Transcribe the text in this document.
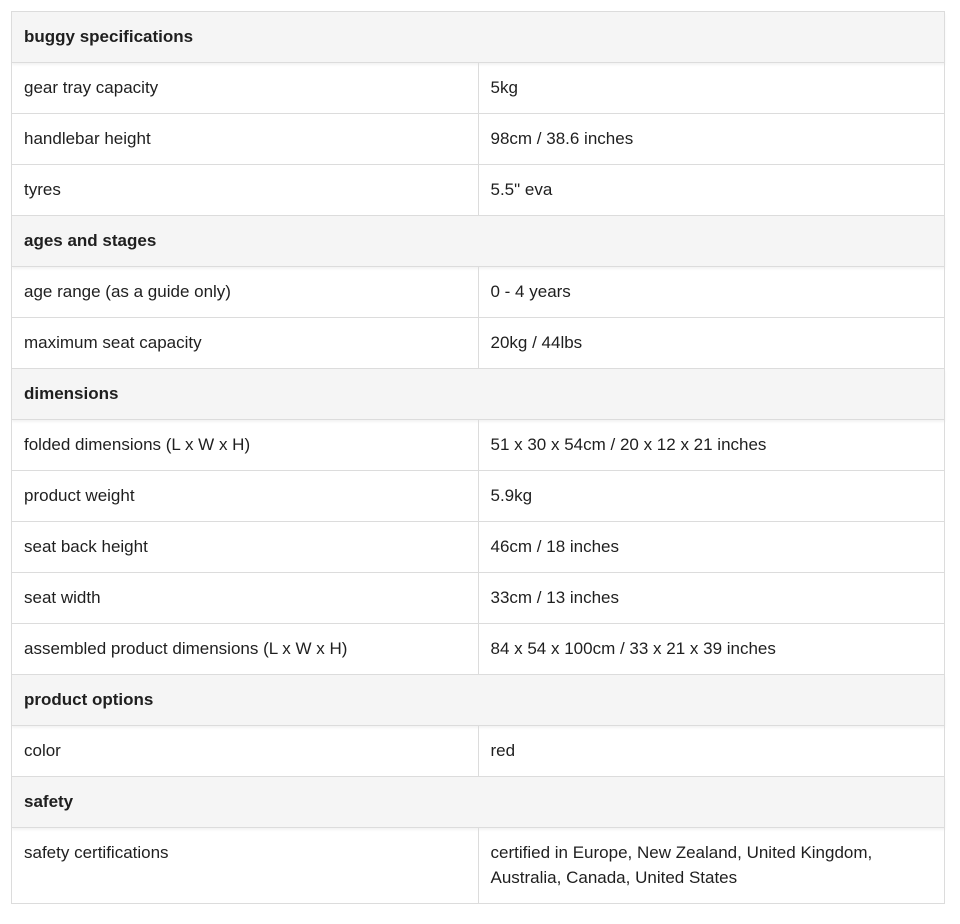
buggy specifications	
gear tray capacity	5kg
handlebar height	98cm / 38.6 inches
tyres	5.5" eva
ages and stages	
age range (as a guide only)	0 - 4 years
maximum seat capacity	20kg / 44lbs
dimensions	
folded dimensions (L x W x H)	51 x 30 x 54cm / 20 x 12 x 21 inches
product weight	5.9kg
seat back height	46cm / 18 inches
seat width	33cm / 13 inches
assembled product dimensions (L x W x H)	84 x 54 x 100cm / 33 x 21 x 39 inches
product options	
color	red
safety	
safety certifications	certified in Europe, New Zealand, United Kingdom, Australia, Canada, United States
